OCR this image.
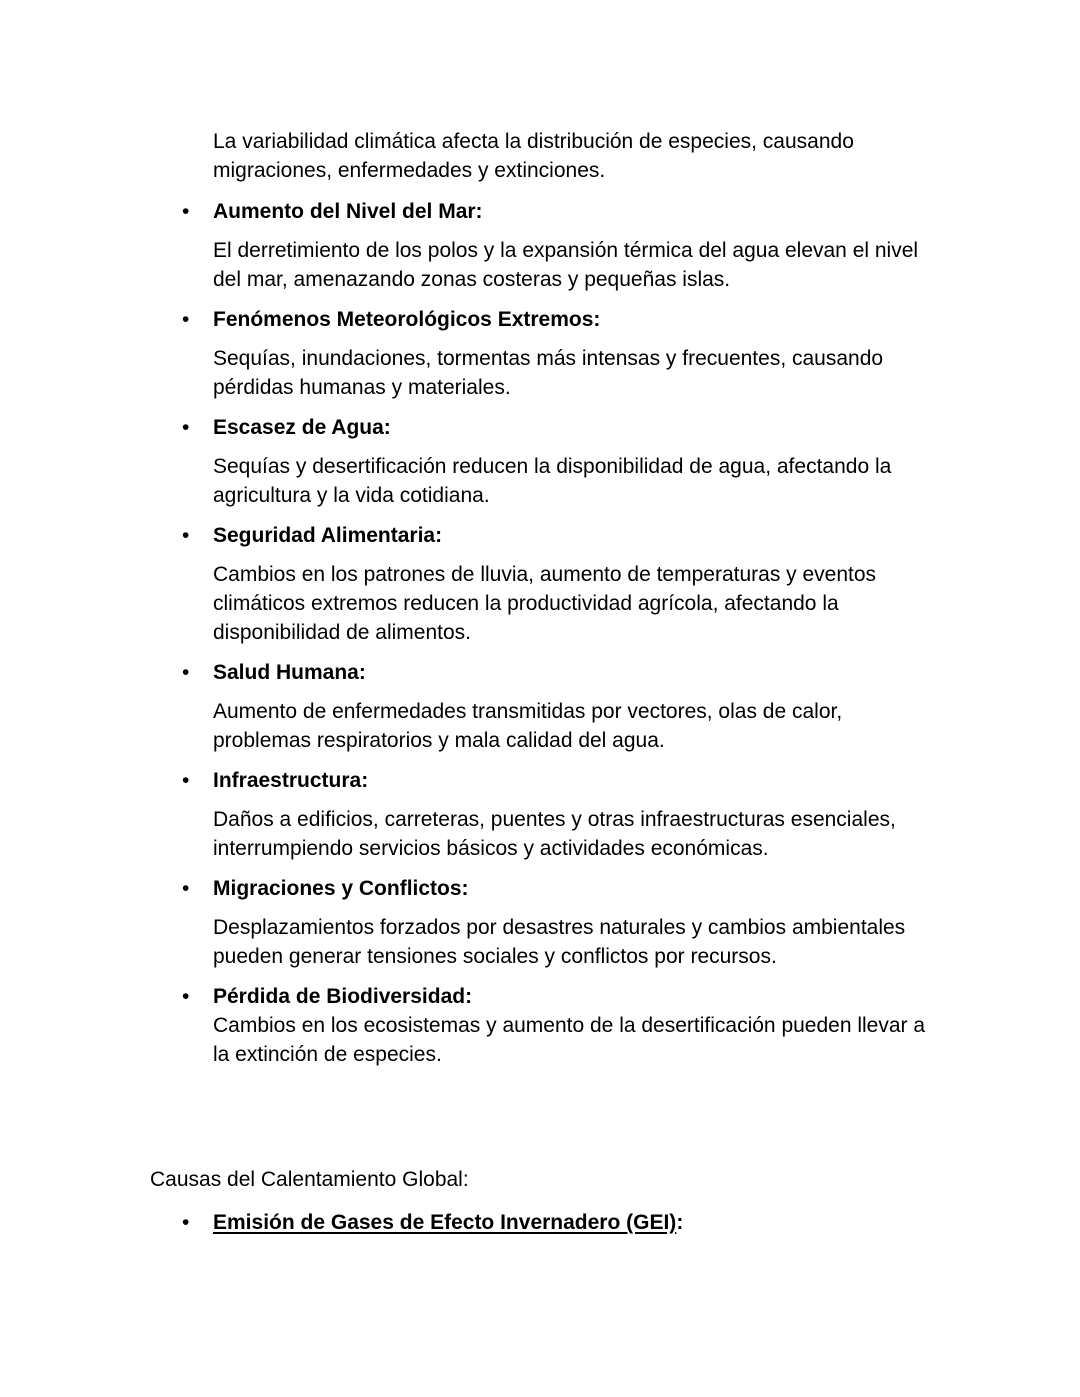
La variabilidad climática afecta la distribución de especies, causando migraciones, enfermedades y extinciones.
• Aumento del Nivel del Mar:
El derretimiento de los polos y la expansión térmica del agua elevan el nivel del mar, amenazando zonas costeras y pequeñas islas.
• Fenómenos Meteorológicos Extremos:
Sequías, inundaciones, tormentas más intensas y frecuentes, causando pérdidas humanas y materiales.
• Escasez de Agua:
Sequías y desertificación reducen la disponibilidad de agua, afectando la agricultura y la vida cotidiana.
• Seguridad Alimentaria:
Cambios en los patrones de lluvia, aumento de temperaturas y eventos climáticos extremos reducen la productividad agrícola, afectando la disponibilidad de alimentos.
• Salud Humana:
Aumento de enfermedades transmitidas por vectores, olas de calor, problemas respiratorios y mala calidad del agua.
• Infraestructura:
Daños a edificios, carreteras, puentes y otras infraestructuras esenciales, interrumpiendo servicios básicos y actividades económicas.
• Migraciones y Conflictos:
Desplazamientos forzados por desastres naturales y cambios ambientales pueden generar tensiones sociales y conflictos por recursos.
• Pérdida de Biodiversidad:
Cambios en los ecosistemas y aumento de la desertificación pueden llevar a la extinción de especies.
Causas del Calentamiento Global:
• Emisión de Gases de Efecto Invernadero (GEI):
